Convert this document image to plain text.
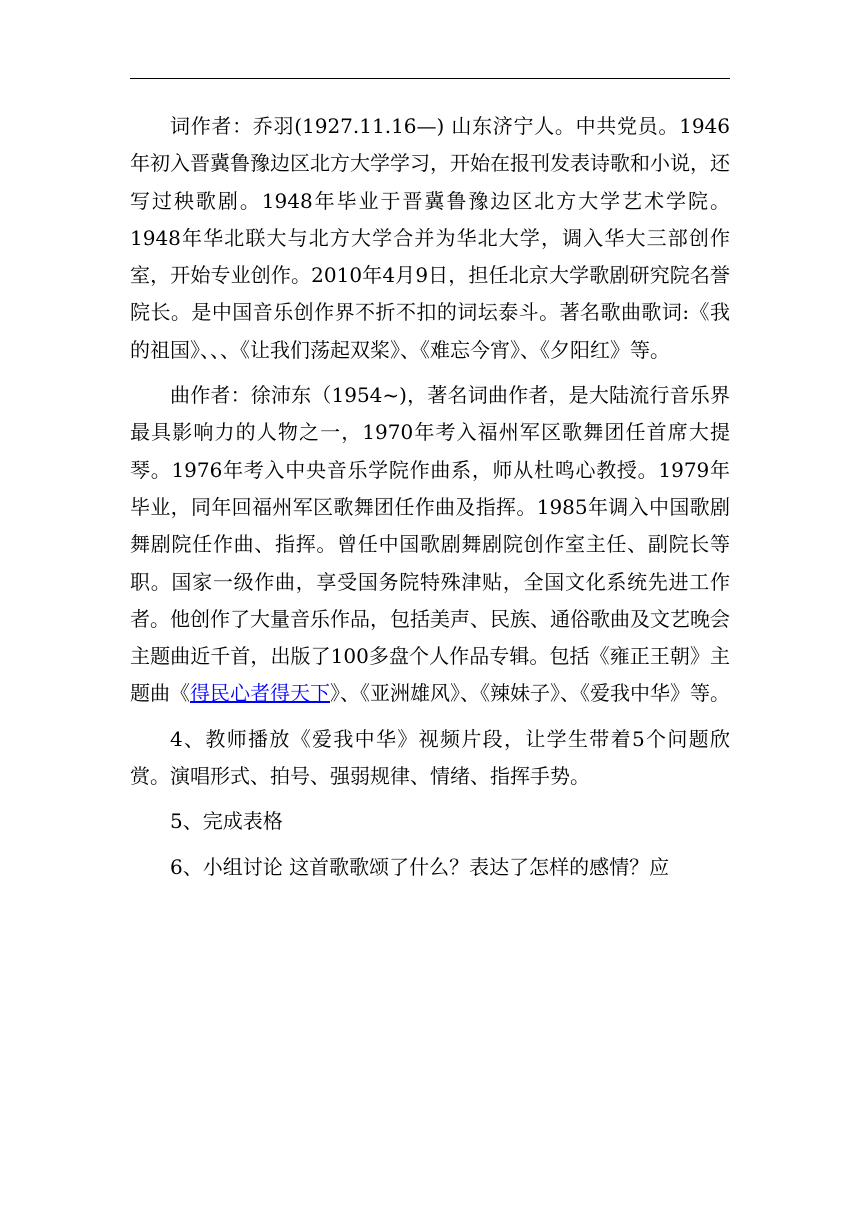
词作者：乔羽(1927.11.16—) 山东济宁人。中共党员。1946年初入晋冀鲁豫边区北方大学学习，开始在报刊发表诗歌和小说，还写过秧歌剧。1948年毕业于晋冀鲁豫边区北方大学艺术学院。1948年华北联大与北方大学合并为华北大学，调入华大三部创作室，开始专业创作。2010年4月9日，担任北京大学歌剧研究院名誉院长。是中国音乐创作界不折不扣的词坛泰斗。著名歌曲歌词:《我的祖国》、、、《让我们荡起双桨》、《难忘今宵》、《夕阳红》等。

曲作者：徐沛东（1954~)，著名词曲作者，是大陆流行音乐界最具影响力的人物之一，1970年考入福州军区歌舞团任首席大提琴。1976年考入中央音乐学院作曲系，师从杜鸣心教授。1979年毕业，同年回福州军区歌舞团任作曲及指挥。1985年调入中国歌剧舞剧院任作曲、指挥。曾任中国歌剧舞剧院创作室主任、副院长等职。国家一级作曲，享受国务院特殊津贴，全国文化系统先进工作者。他创作了大量音乐作品，包括美声、民族、通俗歌曲及文艺晚会主题曲近千首，出版了100多盘个人作品专辑。包括《雍正王朝》主题曲《得民心者得天下》、《亚洲雄风》、《辣妹子》、《爱我中华》等。

4、教师播放《爱我中华》视频片段，让学生带着5个问题欣赏。演唱形式、拍号、强弱规律、情绪、指挥手势。

5、完成表格

6、小组讨论 这首歌歌颂了什么？表达了怎样的感情？应
